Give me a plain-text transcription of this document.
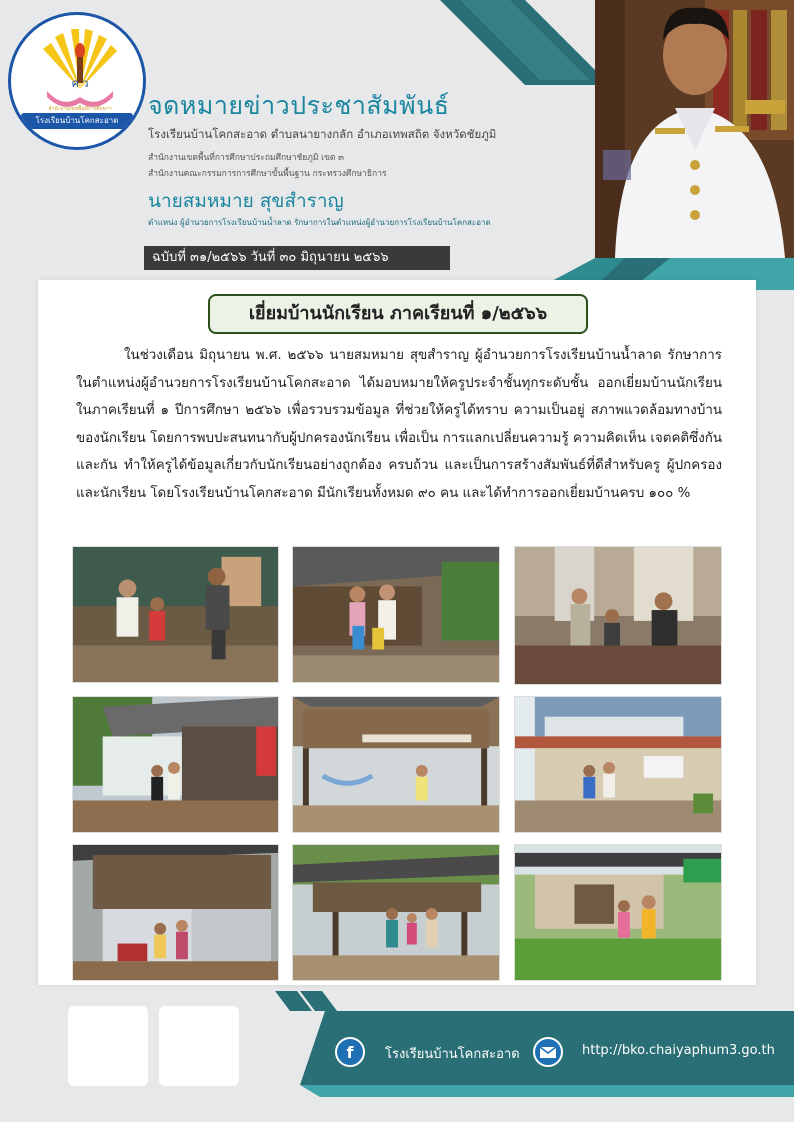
ค ว
สำนักงานเขตพื้นที่การศึกษาฯ
โรงเรียนบ้านโคกสะอาด
จดหมายข่าวประชาสัมพันธ์
โรงเรียนบ้านโคกสะอาด ตำบลนายางกลัก อำเภอเทพสถิต จังหวัดชัยภูมิ
สำนักงานเขตพื้นที่การศึกษาประถมศึกษาชัยภูมิ เขต ๓
สำนักงานคณะกรรมการการศึกษาขั้นพื้นฐาน กระทรวงศึกษาธิการ
นายสมหมาย สุขสำราญ
ตำแหน่ง ผู้อำนวยการโรงเรียนบ้านน้ำลาด รักษาการในตำแหน่งผู้อำนวยการโรงเรียนบ้านโคกสะอาด
ฉบับที่ ๓๑/๒๕๖๖ วันที่ ๓๐ มิถุนายน ๒๕๖๖
เยี่ยมบ้านนักเรียน ภาคเรียนที่ ๑/๒๕๖๖

ในช่วงเดือน มิถุนายน พ.ศ. ๒๕๖๖ นายสมหมาย สุขสำราญ ผู้อำนวยการโรงเรียนบ้านน้ำลาด รักษาการในตำแหน่งผู้อำนวยการโรงเรียนบ้านโคกสะอาด ได้มอบหมายให้ครูประจำชั้นทุกระดับชั้น ออกเยี่ยมบ้านนักเรียน ในภาคเรียนที่ ๑ ปีการศึกษา ๒๕๖๖ เพื่อรวบรวมข้อมูล ที่ช่วยให้ครูได้ทราบ ความเป็นอยู่ สภาพแวดล้อมทางบ้านของนักเรียน โดยการพบปะสนทนากับผู้ปกครองนักเรียน เพื่อเป็น การแลกเปลี่ยนความรู้ ความคิดเห็น เจตคติซึ่งกันและกัน ทำให้ครูได้ข้อมูลเกี่ยวกับนักเรียนอย่างถูกต้อง ครบถ้วน และเป็นการสร้างสัมพันธ์ที่ดีสำหรับครู ผู้ปกครอง และนักเรียน โดยโรงเรียนบ้านโคกสะอาด มีนักเรียนทั้งหมด ๙๐ คน และได้ทำการออกเยี่ยมบ้านครบ ๑๐๐ %

f โรงเรียนบ้านโคกสะอาด	http://bko.chaiyaphum3.go.th
